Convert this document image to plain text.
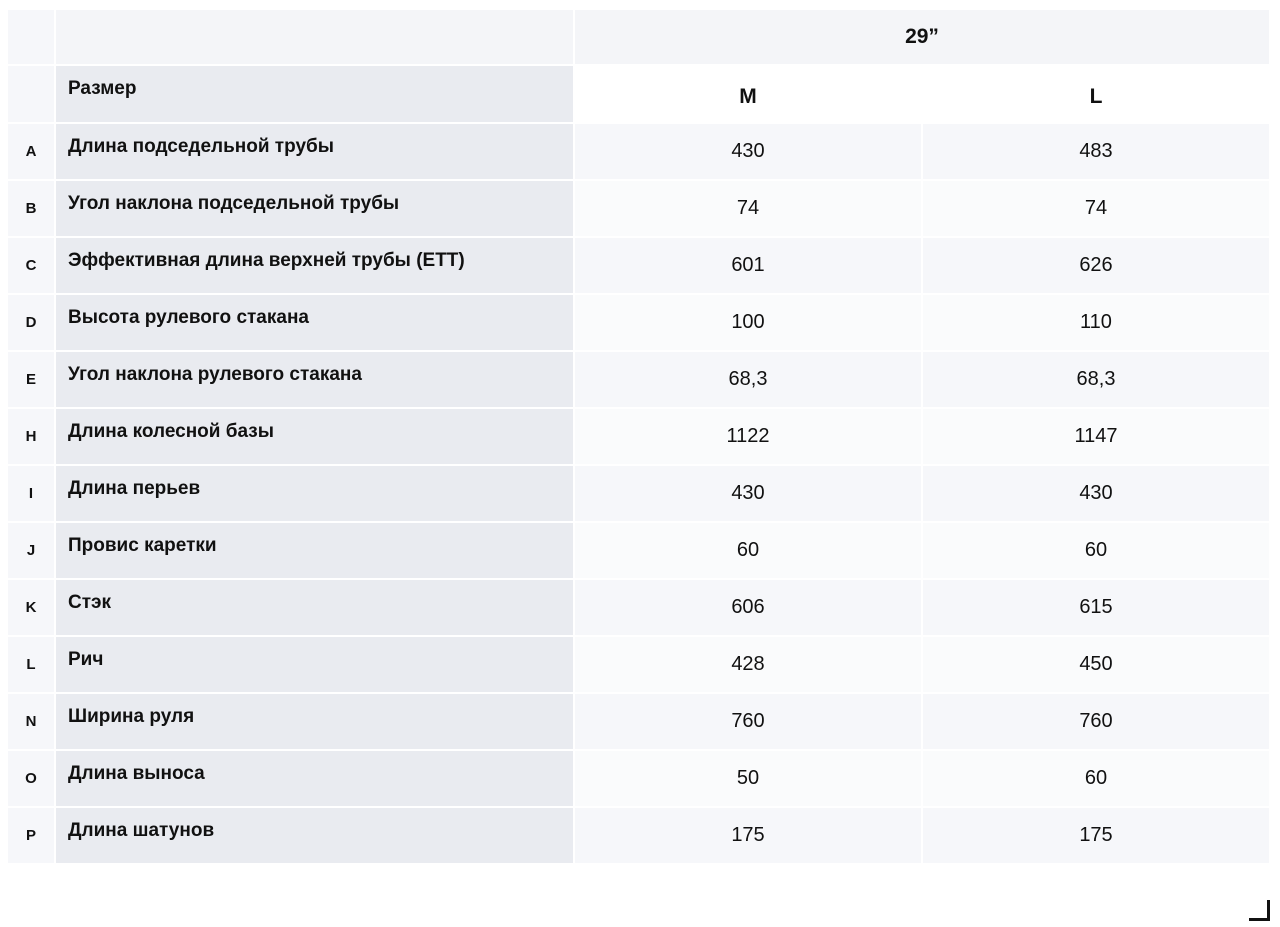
		29”	
	Размер	M	L
A	Длина подседельной трубы	430	483
B	Угол наклона подседельной трубы	74	74
C	Эффективная длина верхней трубы (ETT)	601	626
D	Высота рулевого стакана	100	110
E	Угол наклона рулевого стакана	68,3	68,3
H	Длина колесной базы	1122	1147
I	Длина перьев	430	430
J	Провис каретки	60	60
K	Стэк	606	615
L	Рич	428	450
N	Ширина руля	760	760
O	Длина выноса	50	60
P	Длина шатунов	175	175
